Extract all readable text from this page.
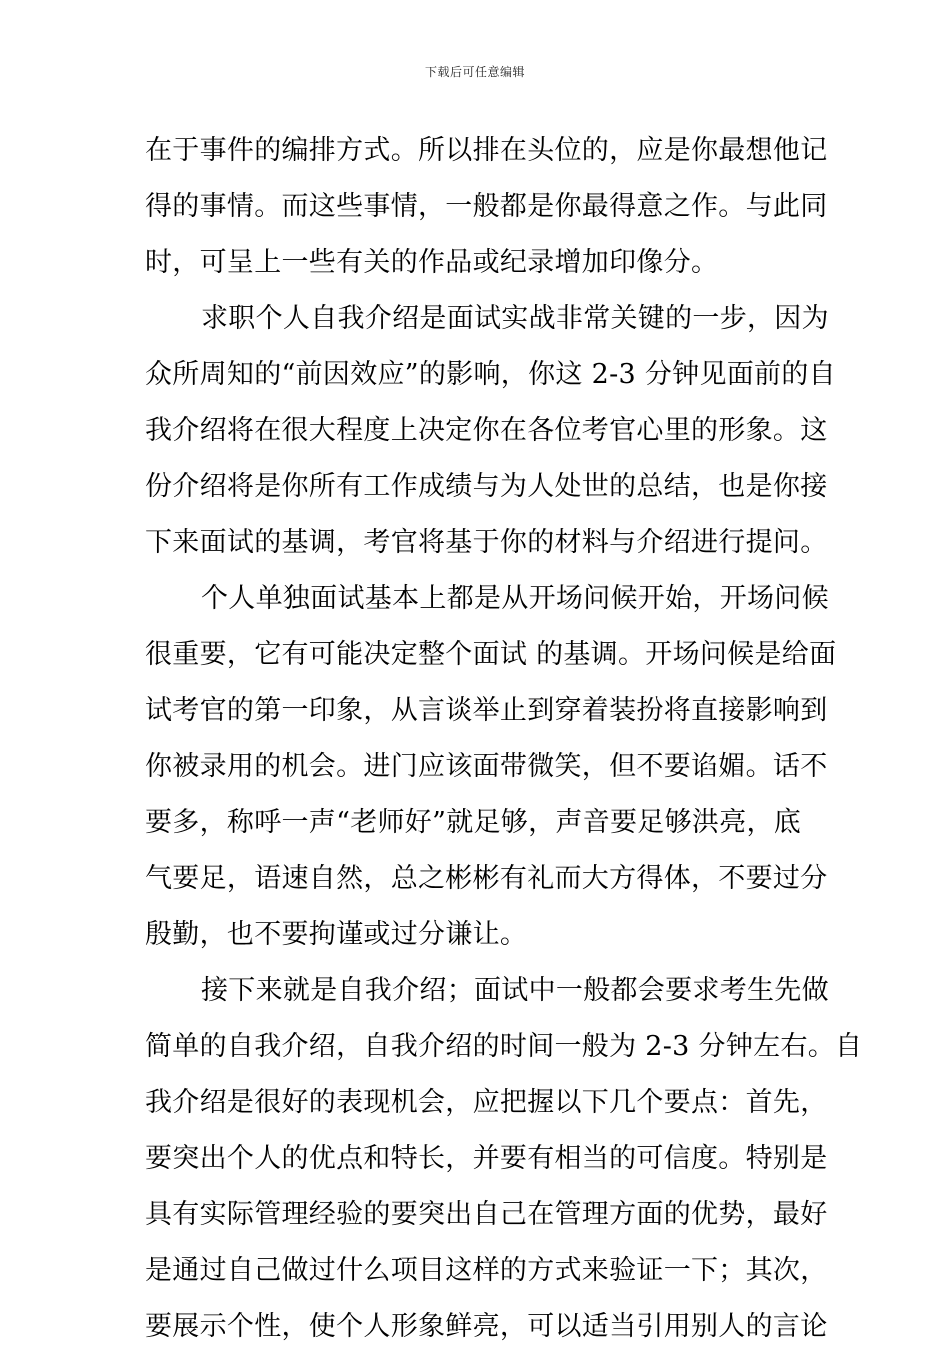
下载后可任意编辑
在于事件的编排方式。所以排在头位的，应是你最想他记
得的事情。而这些事情，一般都是你最得意之作。与此同
时，可呈上一些有关的作品或纪录增加印像分。
求职个人自我介绍是面试实战非常关键的一步，因为
众所周知的“前因效应”的影响，你这 2-3 分钟见面前的自
我介绍将在很大程度上决定你在各位考官心里的形象。这
份介绍将是你所有工作成绩与为人处世的总结，也是你接
下来面试的基调，考官将基于你的材料与介绍进行提问。
个人单独面试基本上都是从开场问候开始，开场问候
很重要，它有可能决定整个面试 的基调。开场问候是给面
试考官的第一印象，从言谈举止到穿着装扮将直接影响到
你被录用的机会。进门应该面带微笑，但不要谄媚。话不
要多，称呼一声“老师好”就足够，声音要足够洪亮，底
气要足，语速自然，总之彬彬有礼而大方得体，不要过分
殷勤，也不要拘谨或过分谦让。
接下来就是自我介绍；面试中一般都会要求考生先做
简单的自我介绍，自我介绍的时间一般为 2-3 分钟左右。自
我介绍是很好的表现机会，应把握以下几个要点：首先，
要突出个人的优点和特长，并要有相当的可信度。特别是
具有实际管理经验的要突出自己在管理方面的优势，最好
是通过自己做过什么项目这样的方式来验证一下；其次，
要展示个性，使个人形象鲜亮，可以适当引用别人的言论
